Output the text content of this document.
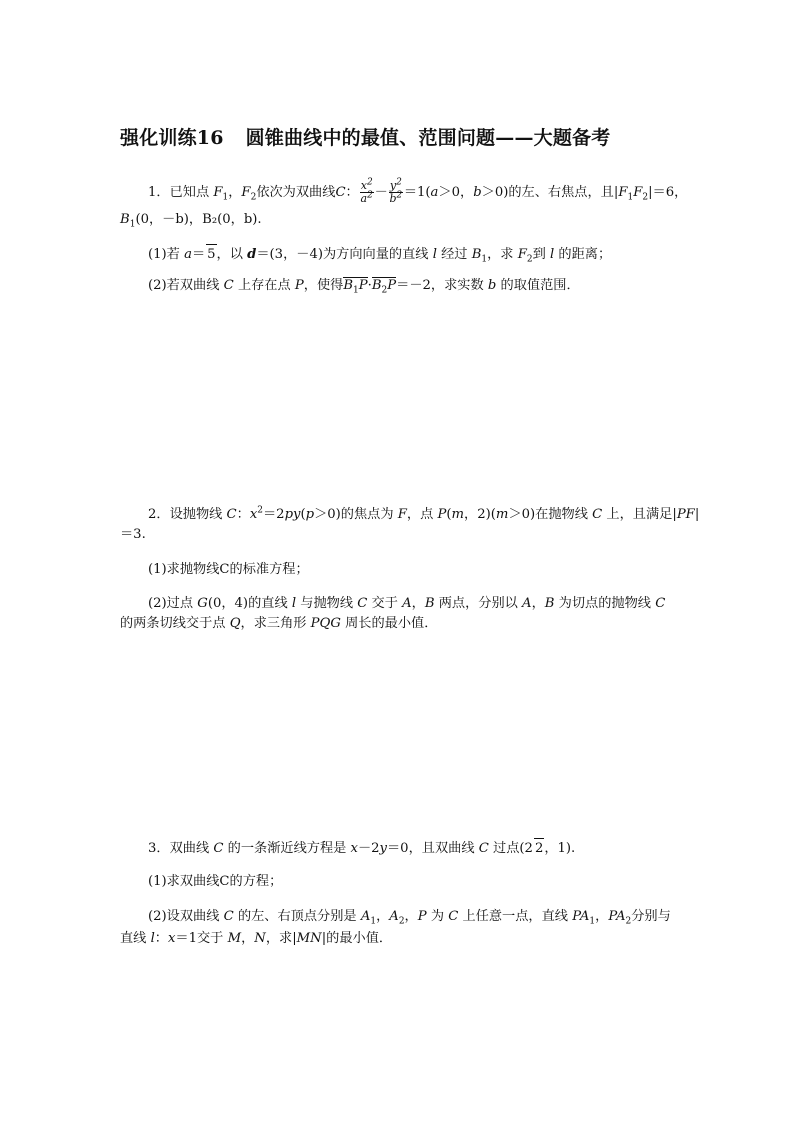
强化训练16 圆锥曲线中的最值、范围问题——大题备考
1．已知点 $F_1$，$F_2$依次为双曲线C： $\frac{x^2}{a^2} - \frac{y^2}{b^2} =1(a>0$，b＞0)的左、右焦点，且$|F_1F_2|=6$，
$B_1(0$，－b)，B₂(0，b).
(1)若 a＝ 5，以 d＝(3，－4)为方向向量的直线 l 经过 $B_1$，求 $F_2$到 l 的距离；
(2)若双曲线 C 上存在点 P，使得$B_1P\cdot B_2P=-2$，求实数 b 的取值范围．
2．设抛物线 C：$x^2=2py(p>0)$的焦点为 F，点 P(m，2)(m＞0)在抛物线 C 上，且满足|PF|
＝3.
(1)求抛物线C的标准方程；
(2)过点 G(0，4)的直线 l 与抛物线 C 交于 A，B 两点，分别以 A，B 为切点的抛物线 C
的两条切线交于点 Q，求三角形 PQG 周长的最小值．
3．双曲线 C 的一条渐近线方程是 x－2y＝0，且双曲线 C 过点(2 2，1).
(1)求双曲线C的方程；
(2)设双曲线 C 的左、右顶点分别是 $A_1$，$A_2$，P 为 C 上任意一点，直线 $PA_1$，$PA_2$分别与
直线 l：x＝1交于 M，N，求|MN|的最小值．
